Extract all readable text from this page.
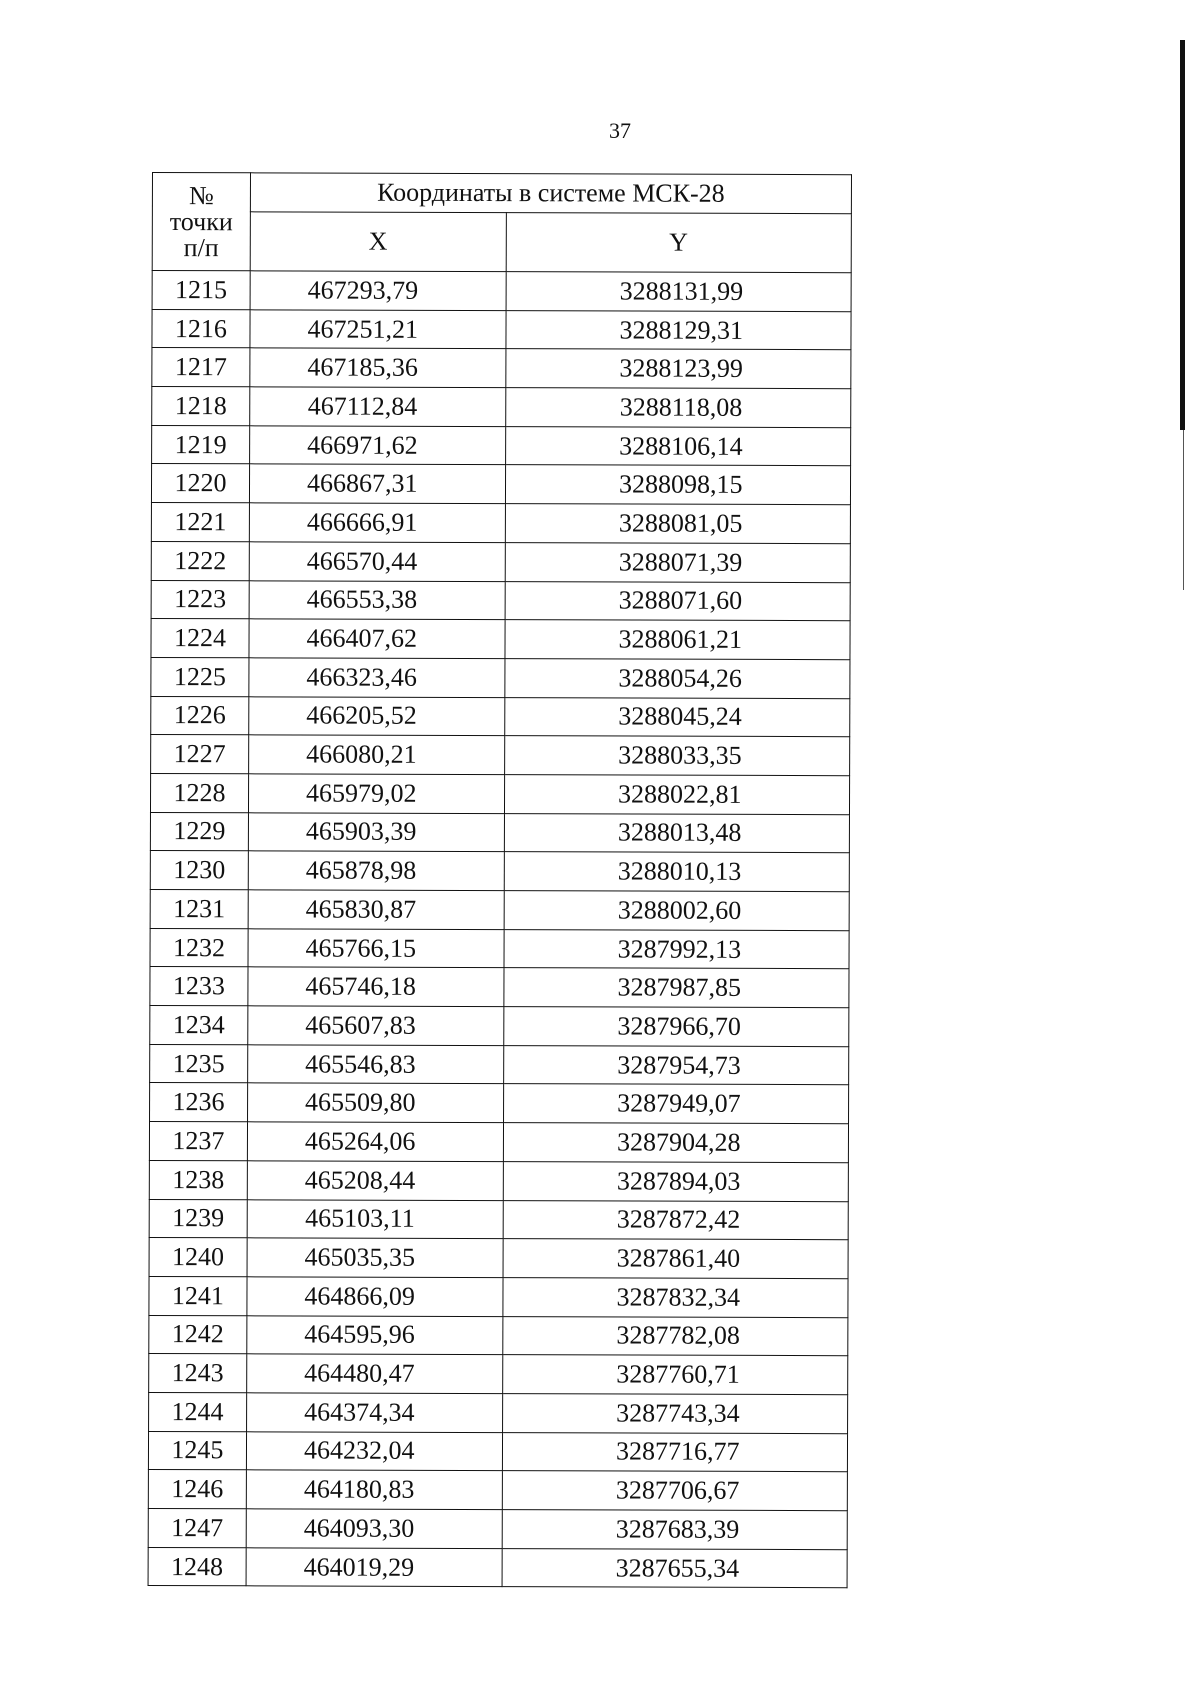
37
№
точки
п/п	Координаты в системе МСК-28	
	X	Y
1215	467293,79	3288131,99
1216	467251,21	3288129,31
1217	467185,36	3288123,99
1218	467112,84	3288118,08
1219	466971,62	3288106,14
1220	466867,31	3288098,15
1221	466666,91	3288081,05
1222	466570,44	3288071,39
1223	466553,38	3288071,60
1224	466407,62	3288061,21
1225	466323,46	3288054,26
1226	466205,52	3288045,24
1227	466080,21	3288033,35
1228	465979,02	3288022,81
1229	465903,39	3288013,48
1230	465878,98	3288010,13
1231	465830,87	3288002,60
1232	465766,15	3287992,13
1233	465746,18	3287987,85
1234	465607,83	3287966,70
1235	465546,83	3287954,73
1236	465509,80	3287949,07
1237	465264,06	3287904,28
1238	465208,44	3287894,03
1239	465103,11	3287872,42
1240	465035,35	3287861,40
1241	464866,09	3287832,34
1242	464595,96	3287782,08
1243	464480,47	3287760,71
1244	464374,34	3287743,34
1245	464232,04	3287716,77
1246	464180,83	3287706,67
1247	464093,30	3287683,39
1248	464019,29	3287655,34
